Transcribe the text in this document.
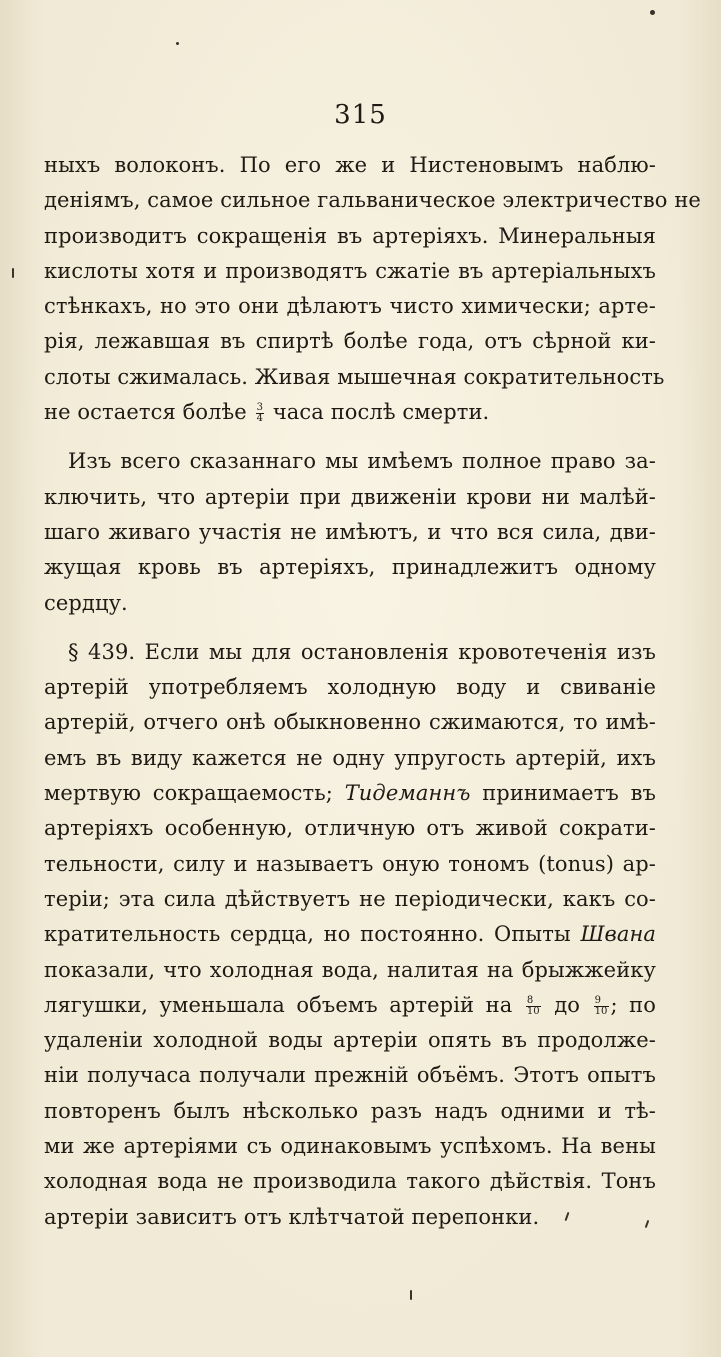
315
ныхъ волоконъ. По его же и Нистеновымъ наблю-
деніямъ, самое сильное гальваническое электричество не
производитъ сокращенія въ артеріяхъ. Минеральныя
кислоты хотя и производятъ сжатіе въ артеріальныхъ
стѣнкахъ, но это они дѣлаютъ чисто химически; арте-
рія, лежавшая въ спиртѣ болѣе года, отъ сѣрной ки-
слоты сжималась. Живая мышечная сократительность
не остается болѣе $\frac{3}{4}$ часа послѣ смерти.
Изъ всего сказаннаго мы имѣемъ полное право за-
ключить, что артеріи при движеніи крови ни малѣй-
шаго живаго участія не имѣютъ, и что вся сила, дви-
жущая кровь въ артеріяхъ, принадлежитъ одному
сердцу.
§ 439. Если мы для остановленія кровотеченія изъ
артерій употребляемъ холодную воду и свиваніе
артерій, отчего онѣ обыкновенно сжимаются, то имѣ-
емъ въ виду кажется не одну упругость артерій, ихъ
мертвую сокращаемость; Тидеманнъ принимаетъ въ
артеріяхъ особенную, отличную отъ живой сократи-
тельности, силу и называетъ оную тономъ (tonus) ар-
теріи; эта сила дѣйствуетъ не періодически, какъ со-
кратительность сердца, но постоянно. Опыты Швана
показали, что холодная вода, налитая на брыжжейку
лягушки, уменьшала объемъ артерій на $\frac{8}{10}$ до $\frac{9}{10}$ ; по
удаленіи холодной воды артеріи опять въ продолже-
ніи получаса получали прежній объёмъ. Этотъ опытъ
повторенъ былъ нѣсколько разъ надъ одними и тѣ-
ми же артеріями съ одинаковымъ успѣхомъ. На вены
холодная вода не производила такого дѣйствія. Тонъ
артеріи зависитъ отъ клѣтчатой перепонки.
